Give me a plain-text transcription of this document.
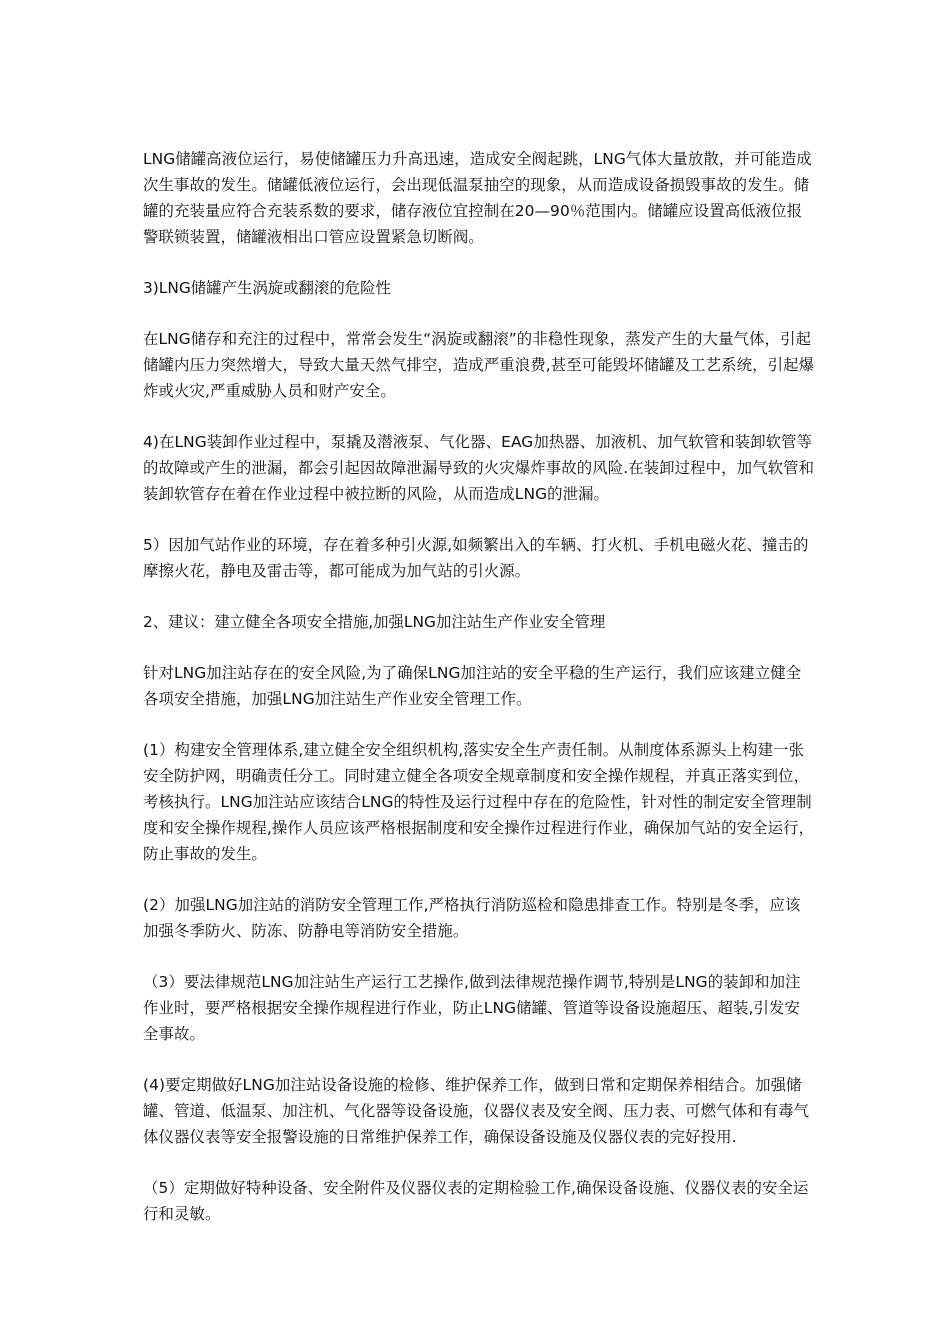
LNG储罐高液位运行，易使储罐压力升高迅速，造成安全阀起跳，LNG气体大量放散，并可能造成次生事故的发生。储罐低液位运行，会出现低温泵抽空的现象，从而造成设备损毁事故的发生。储罐的充装量应符合充装系数的要求，储存液位宜控制在20—90％范围内。储罐应设置高低液位报警联锁装置，储罐液相出口管应设置紧急切断阀。

3)LNG储罐产生涡旋或翻滚的危险性

在LNG储存和充注的过程中，常常会发生“涡旋或翻滚”的非稳性现象，蒸发产生的大量气体，引起储罐内压力突然增大，导致大量天然气排空，造成严重浪费,甚至可能毁坏储罐及工艺系统，引起爆炸或火灾,严重威胁人员和财产安全。

4)在LNG装卸作业过程中，泵撬及潜液泵、气化器、EAG加热器、加液机、加气软管和装卸软管等的故障或产生的泄漏，都会引起因故障泄漏导致的火灾爆炸事故的风险.在装卸过程中，加气软管和装卸软管存在着在作业过程中被拉断的风险，从而造成LNG的泄漏。

5）因加气站作业的环境，存在着多种引火源,如频繁出入的车辆、打火机、手机电磁火花、撞击的摩擦火花，静电及雷击等，都可能成为加气站的引火源。

2、建议：建立健全各项安全措施,加强LNG加注站生产作业安全管理

针对LNG加注站存在的安全风险,为了确保LNG加注站的安全平稳的生产运行，我们应该建立健全各项安全措施，加强LNG加注站生产作业安全管理工作。

(1）构建安全管理体系,建立健全安全组织机构,落实安全生产责任制。从制度体系源头上构建一张安全防护网，明确责任分工。同时建立健全各项安全规章制度和安全操作规程，并真正落实到位，考核执行。LNG加注站应该结合LNG的特性及运行过程中存在的危险性，针对性的制定安全管理制度和安全操作规程,操作人员应该严格根据制度和安全操作过程进行作业，确保加气站的安全运行，防止事故的发生。

(2）加强LNG加注站的消防安全管理工作,严格执行消防巡检和隐患排查工作。特别是冬季，应该加强冬季防火、防冻、防静电等消防安全措施。

（3）要法律规范LNG加注站生产运行工艺操作,做到法律规范操作调节,特别是LNG的装卸和加注作业时，要严格根据安全操作规程进行作业，防止LNG储罐、管道等设备设施超压、超装,引发安全事故。

(4)要定期做好LNG加注站设备设施的检修、维护保养工作，做到日常和定期保养相结合。加强储罐、管道、低温泵、加注机、气化器等设备设施，仪器仪表及安全阀、压力表、可燃气体和有毒气体仪器仪表等安全报警设施的日常维护保养工作，确保设备设施及仪器仪表的完好投用.

（5）定期做好特种设备、安全附件及仪器仪表的定期检验工作,确保设备设施、仪器仪表的安全运行和灵敏。
